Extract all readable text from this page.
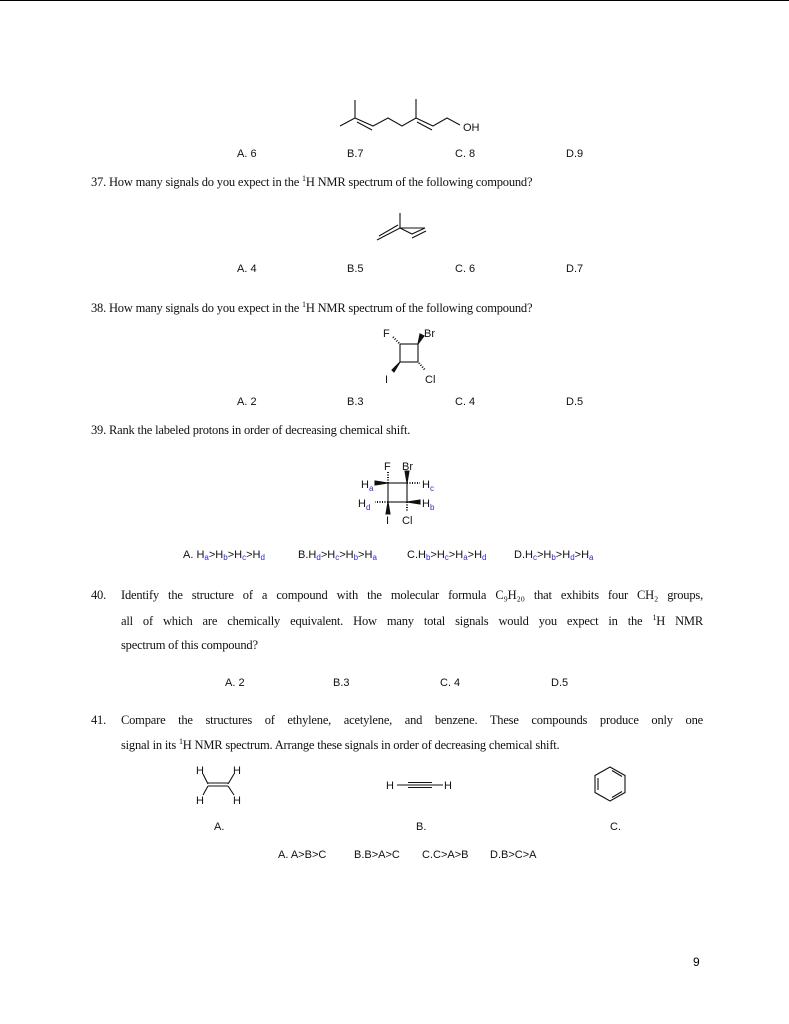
OH
F	Br
I	Cl
F Br
I Cl
H a	H c
H d	H b
H	H
H	H
H	H
A. 6	B.7	C. 8	D.9
37. How many signals do you expect in the $^1$H NMR spectrum of the following compound?
A. 4	B.5	C. 6	D.7
38. How many signals do you expect in the $^1$H NMR spectrum of the following compound?
A. 2	B.3	C. 4	D.5
39. Rank the labeled protons in order of decreasing chemical shift.
A. Ha>Hb>Hc>Hd	B.Hd>Hc>Hb>Ha	C.Hb>Hc>Ha>Hd	D.Hc>Hb>Hd>Ha
40. Identify the structure of a compound with the molecular formula C₉H₂₀ that exhibits four CH₂ groups,
all of which are chemically equivalent. How many total signals would you expect in the $^1$H NMR
spectrum of this compound?
A. 2	B.3	C. 4	D.5
41. Compare the structures of ethylene, acetylene, and benzene. These compounds produce only one
signal in its $^1$H NMR spectrum. Arrange these signals in order of decreasing chemical shift.
A.	B.	C.
A. A>B>C	B.B>A>C C.C>A>B D.B>C>A
9
